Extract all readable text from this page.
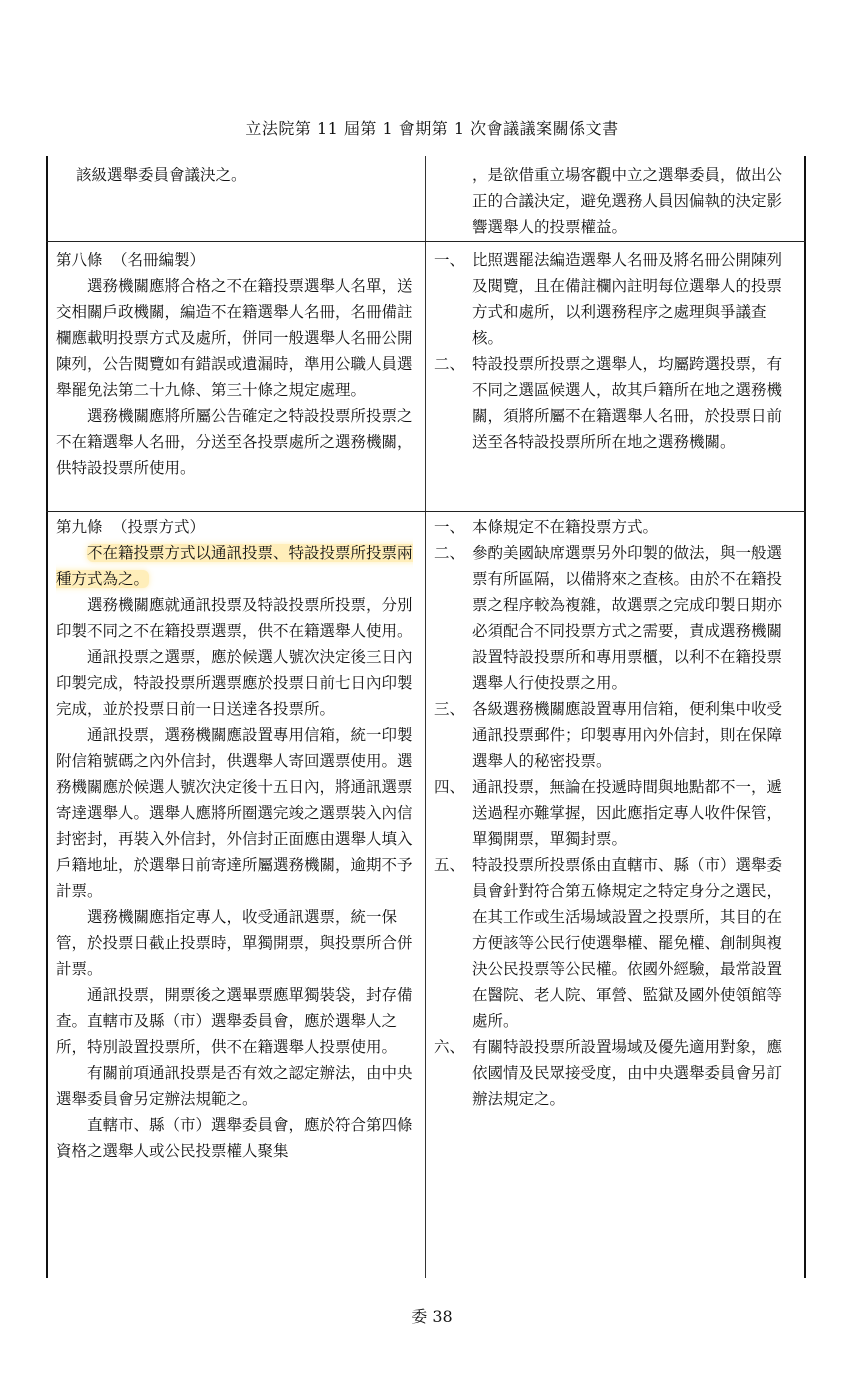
立法院第 11 屆第 1 會期第 1 次會議議案關係文書

該級選舉委員會議決之。	，是欲借重立場客觀中立之選舉委員，做出公正的合議決定，避免選務人員因偏執的決定影響選舉人的投票權益。

第八條 （名冊編製）

選務機關應將合格之不在籍投票選舉人名單，送交相關戶政機關，編造不在籍選舉人名冊，名冊備註欄應載明投票方式及處所，併同一般選舉人名冊公開陳列，公告閱覽如有錯誤或遺漏時，準用公職人員選舉罷免法第二十九條、第三十條之規定處理。

選務機關應將所屬公告確定之特設投票所投票之不在籍選舉人名冊，分送至各投票處所之選務機關，供特設投票所使用。

一、 比照選罷法編造選舉人名冊及將名冊公開陳列及閱覽，且在備註欄內註明每位選舉人的投票方式和處所，以利選務程序之處理與爭議查核。
二、 特設投票所投票之選舉人，均屬跨選投票，有不同之選區候選人，故其戶籍所在地之選務機關，須將所屬不在籍選舉人名冊，於投票日前送至各特設投票所所在地之選務機關。

第九條 （投票方式）

不在籍投票方式以通訊投票、特設投票所投票兩種方式為之。

選務機關應就通訊投票及特設投票所投票，分別印製不同之不在籍投票選票，供不在籍選舉人使用。

通訊投票之選票，應於候選人號次決定後三日內印製完成，特設投票所選票應於投票日前七日內印製完成，並於投票日前一日送達各投票所。

通訊投票，選務機關應設置專用信箱，統一印製附信箱號碼之內外信封，供選舉人寄回選票使用。選務機關應於候選人號次決定後十五日內，將通訊選票寄達選舉人。選舉人應將所圈選完竣之選票裝入內信封密封，再裝入外信封，外信封正面應由選舉人填入戶籍地址，於選舉日前寄達所屬選務機關，逾期不予計票。

選務機關應指定專人，收受通訊選票，統一保管，於投票日截止投票時，單獨開票，與投票所合併計票。

通訊投票，開票後之選畢票應單獨裝袋，封存備查。直轄市及縣（市）選舉委員會，應於選舉人之所，特別設置投票所，供不在籍選舉人投票使用。

有關前項通訊投票是否有效之認定辦法，由中央選舉委員會另定辦法規範之。

直轄市、縣（市）選舉委員會，應於符合第四條資格之選舉人或公民投票權人聚集

一、 本條規定不在籍投票方式。
二、 參酌美國缺席選票另外印製的做法，與一般選票有所區隔，以備將來之查核。由於不在籍投票之程序較為複雜，故選票之完成印製日期亦必須配合不同投票方式之需要，責成選務機關設置特設投票所和專用票櫃，以利不在籍投票選舉人行使投票之用。
三、 各級選務機關應設置專用信箱，便利集中收受通訊投票郵件；印製專用內外信封，則在保障選舉人的秘密投票。
四、 通訊投票，無論在投遞時間與地點都不一，遞送過程亦難掌握，因此應指定專人收件保管，單獨開票，單獨封票。
五、 特設投票所投票係由直轄市、縣（市）選舉委員會針對符合第五條規定之特定身分之選民，在其工作或生活場域設置之投票所，其目的在方便該等公民行使選舉權、罷免權、創制與複決公民投票等公民權。依國外經驗，最常設置在醫院、老人院、軍營、監獄及國外使領館等處所。
六、 有關特設投票所設置場域及優先適用對象，應依國情及民眾接受度，由中央選舉委員會另訂辦法規定之。
委 38
